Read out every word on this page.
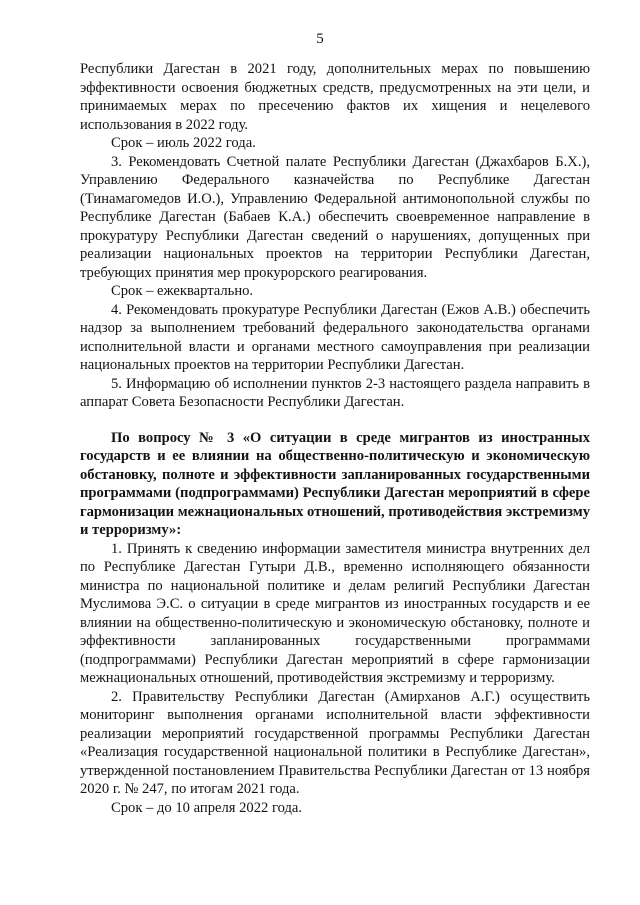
5

Республики Дагестан в 2021 году, дополнительных мерах по повышению эффективности освоения бюджетных средств, предусмотренных на эти цели, и принимаемых мерах по пресечению фактов их хищения и нецелевого использования в 2022 году.

Срок – июль 2022 года.

3. Рекомендовать Счетной палате Республики Дагестан (Джахбаров Б.Х.), Управлению Федерального казначейства по Республике Дагестан (Тинамагомедов И.О.), Управлению Федеральной антимонопольной службы по Республике Дагестан (Бабаев К.А.) обеспечить своевременное направление в прокуратуру Республики Дагестан сведений о нарушениях, допущенных при реализации национальных проектов на территории Республики Дагестан, требующих принятия мер прокурорского реагирования.

Срок – ежеквартально.

4. Рекомендовать прокуратуре Республики Дагестан (Ежов А.В.) обеспечить надзор за выполнением требований федерального законодательства органами исполнительной власти и органами местного самоуправления при реализации национальных проектов на территории Республики Дагестан.

5. Информацию об исполнении пунктов 2-3 настоящего раздела направить в аппарат Совета Безопасности Республики Дагестан.

По вопросу № 3 «О ситуации в среде мигрантов из иностранных государств и ее влиянии на общественно-политическую и экономическую обстановку, полноте и эффективности запланированных государственными программами (подпрограммами) Республики Дагестан мероприятий в сфере гармонизации межнациональных отношений, противодействия экстремизму и терроризму»:

1. Принять к сведению информации заместителя министра внутренних дел по Республике Дагестан Гутыри Д.В., временно исполняющего обязанности министра по национальной политике и делам религий Республики Дагестан Муслимова Э.С. о ситуации в среде мигрантов из иностранных государств и ее влиянии на общественно-политическую и экономическую обстановку, полноте и эффективности запланированных государственными программами (подпрограммами) Республики Дагестан мероприятий в сфере гармонизации межнациональных отношений, противодействия экстремизму и терроризму.

2. Правительству Республики Дагестан (Амирханов А.Г.) осуществить мониторинг выполнения органами исполнительной власти эффективности реализации мероприятий государственной программы Республики Дагестан «Реализация государственной национальной политики в Республике Дагестан», утвержденной постановлением Правительства Республики Дагестан от 13 ноября 2020 г. № 247, по итогам 2021 года.

Срок – до 10 апреля 2022 года.
